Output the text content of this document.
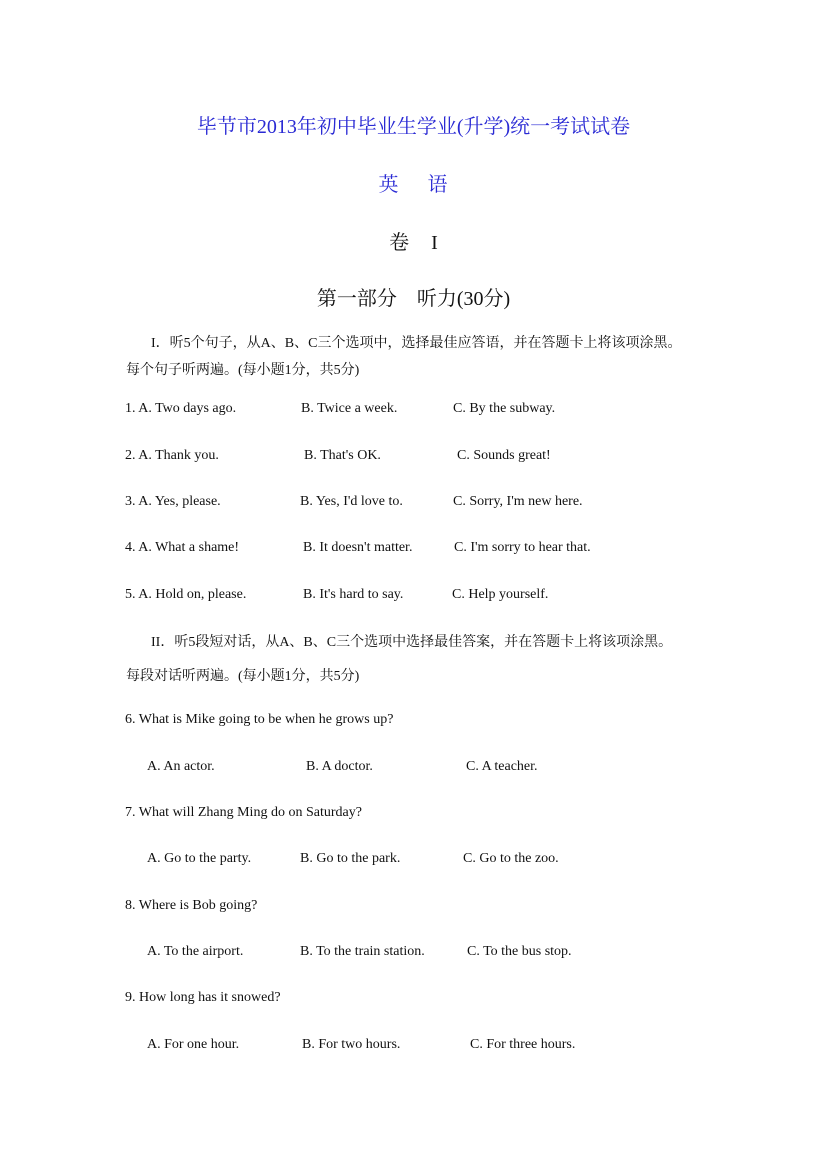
毕节市2013年初中毕业生学业(升学)统一考试试卷
英 语
卷 I
第一部分 听力(30分)
I．听5个句子，从A、B、C三个选项中，选择最佳应答语，并在答题卡上将该项涂黑。
每个句子听两遍。(每小题1分，共5分)
1. A. Two days ago.	B. Twice a week.	C. By the subway.
2. A. Thank you.	B. That's OK.	C. Sounds great!
3. A. Yes, please.	B. Yes, I'd love to.	C. Sorry, I'm new here.
4. A. What a shame!	B. It doesn't matter.	C. I'm sorry to hear that.
5. A. Hold on, please.	B. It's hard to say.	C. Help yourself.
II．听5段短对话，从A、B、C三个选项中选择最佳答案，并在答题卡上将该项涂黑。
每段对话听两遍。(每小题1分，共5分)
6. What is Mike going to be when he grows up?
A. An actor.	B. A doctor.	C. A teacher.
7. What will Zhang Ming do on Saturday?
A. Go to the party.	B. Go to the park.	C. Go to the zoo.
8. Where is Bob going?
A. To the airport.	B. To the train station.	C. To the bus stop.
9. How long has it snowed?
A. For one hour.	B. For two hours.	C. For three hours.
